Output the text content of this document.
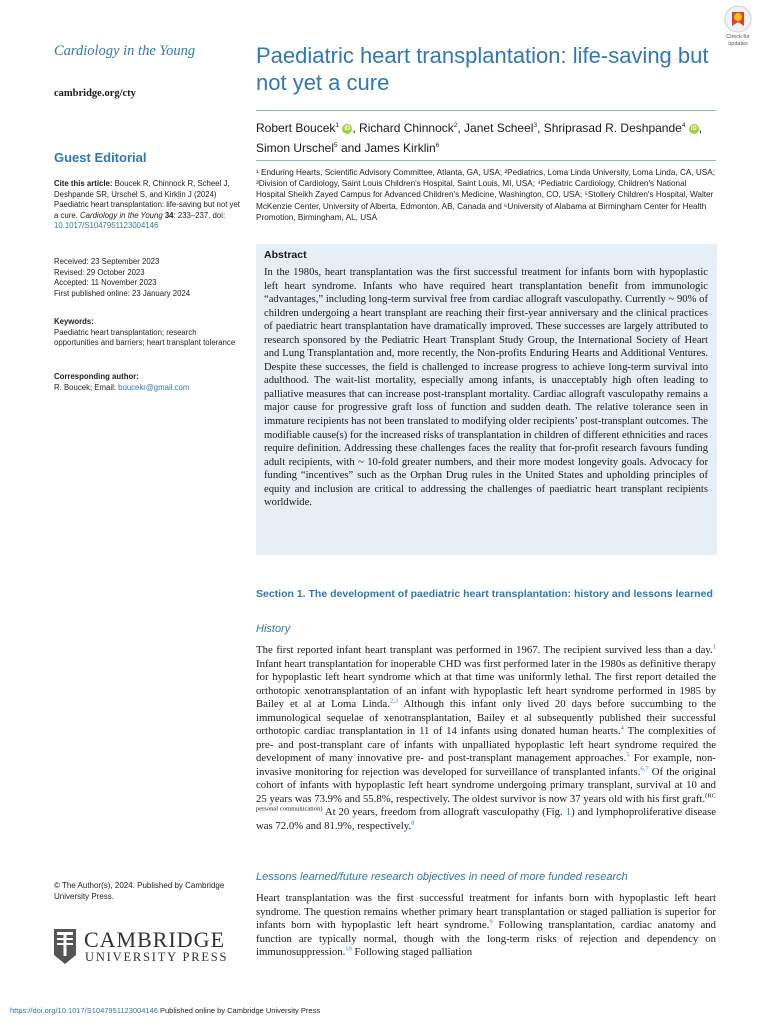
Cardiology in the Young
cambridge.org/cty
Guest Editorial
Cite this article: Boucek R, Chinnock R, Scheel J, Deshpande SR, Urschel S, and Kirklin J (2024) Paediatric heart transplantation: life-saving but not yet a cure. Cardiology in the Young 34: 233–237. doi: 10.1017/S1047951123004146
Received: 23 September 2023
Revised: 29 October 2023
Accepted: 11 November 2023
First published online: 23 January 2024
Keywords:
Paediatric heart transplantation; research opportunities and barriers; heart transplant tolerance
Corresponding author:
R. Boucek; Email: boucekr@gmail.com
© The Author(s), 2024. Published by Cambridge University Press.
CAMBRIDGE
UNIVERSITY PRESS
https://doi.org/10.1017/S1047951123004146 Published online by Cambridge University Press
Paediatric heart transplantation: life-saving but not yet a cure
Check for updates
Robert Boucek$^1$ iD , Richard Chinnock$^2$, Janet Scheel$^3$, Shriprasad R. Deshpande$^4$ iD ,
Simon Urschel$^5$ and James Kirklin$^6$
¹ Enduring Hearts, Scientific Advisory Committee, Atlanta, GA, USA; ²Pediatrics, Loma Linda University, Loma Linda, CA, USA; ³Division of Cardiology, Saint Louis Children's Hospital, Saint Louis, MI, USA; ⁴Pediatric Cardiology, Children's National Hospital Sheikh Zayed Campus for Advanced Children's Medicine, Washington, CO, USA; ⁵Stollery Children's Hospital, Walter McKenzie Center, University of Alberta, Edmonton, AB, Canada and ⁶University of Alabama at Birmingham Center for Health Promotion, Birmingham, AL, USA
Abstract
In the 1980s, heart transplantation was the first successful treatment for infants born with hypoplastic left heart syndrome. Infants who have required heart transplantation benefit from immunologic “advantages,” including long-term survival free from cardiac allograft vasculopathy. Currently ~ 90% of children undergoing a heart transplant are reaching their first-year anniversary and the clinical practices of paediatric heart transplantation have dramatically improved. These successes are largely attributed to research sponsored by the Pediatric Heart Transplant Study Group, the International Society of Heart and Lung Transplantation and, more recently, the Non-profits Enduring Hearts and Additional Ventures. Despite these successes, the field is challenged to increase progress to achieve long-term survival into adulthood. The wait-list mortality, especially among infants, is unacceptably high often leading to palliative measures that can increase post-transplant mortality. Cardiac allograft vasculopathy remains a major cause for progressive graft loss of function and sudden death. The relative tolerance seen in immature recipients has not been translated to modifying older recipients’ post-transplant outcomes. The modifiable cause(s) for the increased risks of transplantation in children of different ethnicities and races require definition. Addressing these challenges faces the reality that for-profit research favours funding adult recipients, with ~ 10-fold greater numbers, and their more modest longevity goals. Advocacy for funding “incentives” such as the Orphan Drug rules in the United States and upholding principles of equity and inclusion are critical to addressing the challenges of paediatric heart transplant recipients worldwide.
Section 1. The development of paediatric heart transplantation: history and lessons learned
History
The first reported infant heart transplant was performed in 1967. The recipient survived less than a day.$^1$ Infant heart transplantation for inoperable CHD was first performed later in the 1980s as definitive therapy for hypoplastic left heart syndrome which at that time was uniformly lethal. The first report detailed the orthotopic xenotransplantation of an infant with hypoplastic left heart syndrome performed in 1985 by Bailey et al at Loma Linda.$^{2,3}$ Although this infant only lived 20 days before succumbing to the immunological sequelae of xenotransplantation, Bailey et al subsequently published their successful orthotopic cardiac transplantation in 11 of 14 infants using donated human hearts.$^4$ The complexities of pre- and post-transplant care of infants with unpalliated hypoplastic left heart syndrome required the development of many innovative pre- and post-transplant management approaches.$^5$ For example, non-invasive monitoring for rejection was developed for surveillance of transplanted infants.$^{6,7}$ Of the original cohort of infants with hypoplastic left heart syndrome undergoing primary transplant, survival at 10 and 25 years was 73.9% and 55.8%, respectively. The oldest survivor is now 37 years old with his first graft.$^{(RC personal communication)}$ At 20 years, freedom from allograft vasculopathy (Fig. 1) and lymphoproliferative disease was 72.0% and 81.9%, respectively.$^8$
Lessons learned/future research objectives in need of more funded research
Heart transplantation was the first successful treatment for infants born with hypoplastic left heart syndrome. The question remains whether primary heart transplantation or staged palliation is superior for infants born with hypoplastic left heart syndrome.$^9$ Following transplantation, cardiac anatomy and function are typically normal, though with the long-term risks of rejection and dependency on immunosuppression.$^{10}$ Following staged palliation
